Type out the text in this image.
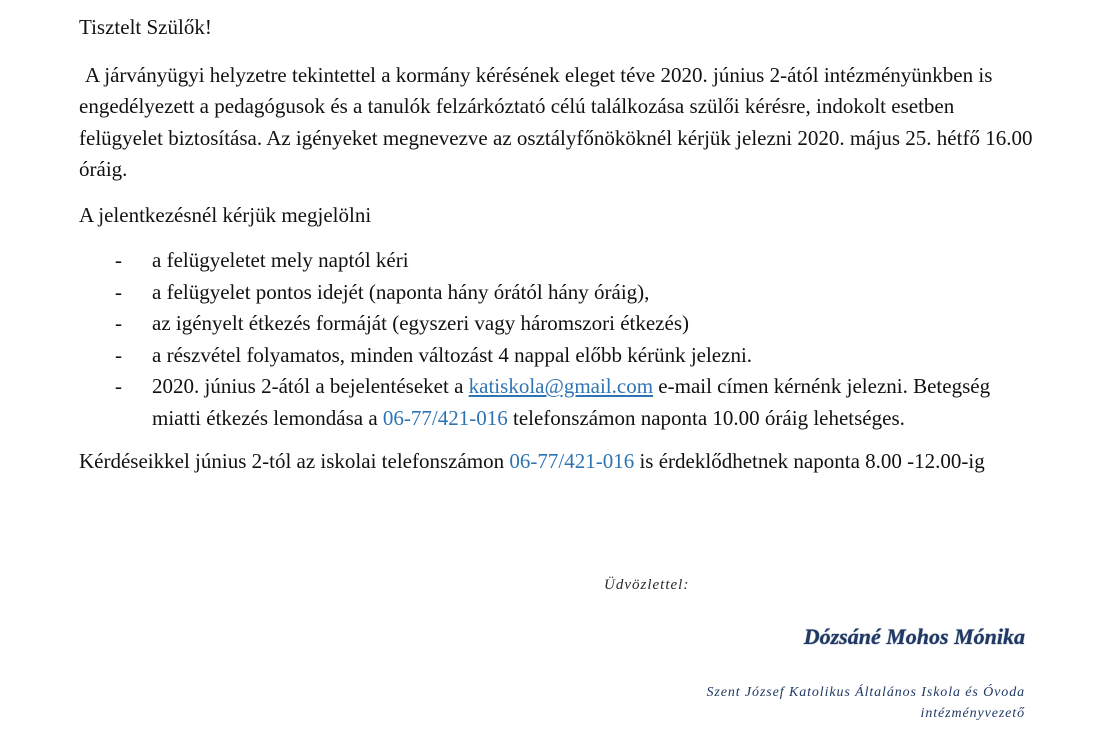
Tisztelt Szülők!

A járványügyi helyzetre tekintettel a kormány kérésének eleget téve 2020. június 2-ától intézményünkben is engedélyezett a pedagógusok és a tanulók felzárkóztató célú találkozása szülői kérésre, indokolt esetben felügyelet biztosítása. Az igényeket megnevezve az osztályfőnököknél kérjük jelezni 2020. május 25. hétfő 16.00 óráig.

A jelentkezésnél kérjük megjelölni

- a felügyeletet mely naptól kéri
- a felügyelet pontos idejét (naponta hány órától hány óráig),
- az igényelt étkezés formáját (egyszeri vagy háromszori étkezés)
- a részvétel folyamatos, minden változást 4 nappal előbb kérünk jelezni.
- 2020. június 2-ától a bejelentéseket a katiskola@gmail.com e-mail címen kérnénk jelezni. Betegség miatti étkezés lemondása a 06-77/421-016 telefonszámon naponta 10.00 óráig lehetséges.

Kérdéseikkel június 2-tól az iskolai telefonszámon 06-77/421-016 is érdeklődhetnek naponta 8.00 -12.00-ig

Üdvözlettel:
Dózsáné Mohos Mónika
Szent József Katolikus Általános Iskola és Óvoda
intézményvezető
